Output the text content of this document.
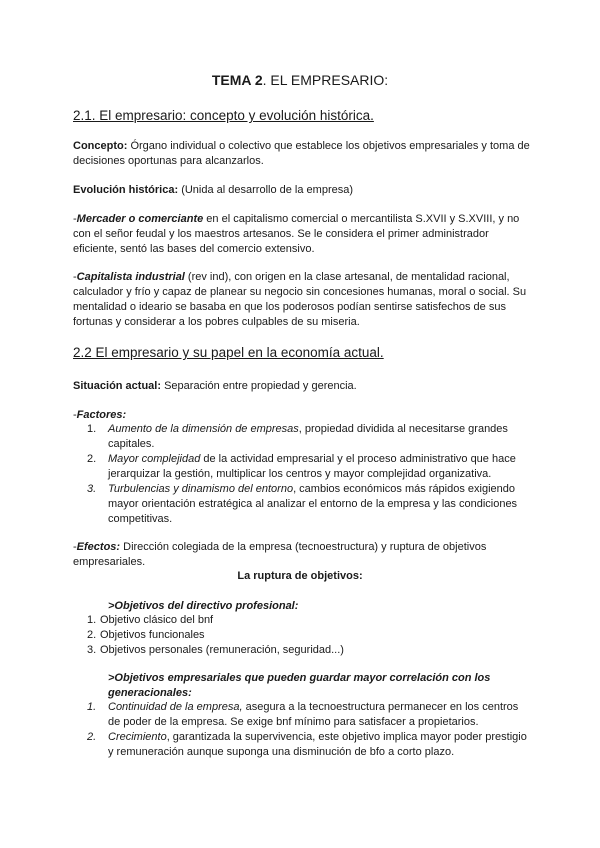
TEMA 2. EL EMPRESARIO:
2.1. El empresario: concepto y evolución histórica.
Concepto: Órgano individual o colectivo que establece los objetivos empresariales y toma de decisiones oportunas para alcanzarlos.
Evolución histórica: (Unida al desarrollo de la empresa)
-Mercader o comerciante en el capitalismo comercial o mercantilista S.XVII y S.XVIII, y no con el señor feudal y los maestros artesanos. Se le considera el primer administrador eficiente, sentó las bases del comercio extensivo.
-Capitalista industrial (rev ind), con origen en la clase artesanal, de mentalidad racional, calculador y frío y capaz de planear su negocio sin concesiones humanas, moral o social. Su mentalidad o ideario se basaba en que los poderosos podían sentirse satisfechos de sus fortunas y considerar a los pobres culpables de su miseria.
2.2 El empresario y su papel en la economía actual.
Situación actual: Separación entre propiedad y gerencia.
-Factores:
1. Aumento de la dimensión de empresas, propiedad dividida al necesitarse grandes capitales.
2. Mayor complejidad de la actividad empresarial y el proceso administrativo que hace jerarquizar la gestión, multiplicar los centros y mayor complejidad organizativa.
3. Turbulencias y dinamismo del entorno, cambios económicos más rápidos exigiendo mayor orientación estratégica al analizar el entorno de la empresa y las condiciones competitivas.
-Efectos: Dirección colegiada de la empresa (tecnoestructura) y ruptura de objetivos empresariales.
La ruptura de objetivos:
>Objetivos del directivo profesional:
1. Objetivo clásico del bnf
2. Objetivos funcionales
3. Objetivos personales (remuneración, seguridad...)
>Objetivos empresariales que pueden guardar mayor correlación con los generacionales:
1. Continuidad de la empresa, asegura a la tecnoestructura permanecer en los centros de poder de la empresa. Se exige bnf mínimo para satisfacer a propietarios.
2. Crecimiento, garantizada la supervivencia, este objetivo implica mayor poder prestigio y remuneración aunque suponga una disminución de bfo a corto plazo.
